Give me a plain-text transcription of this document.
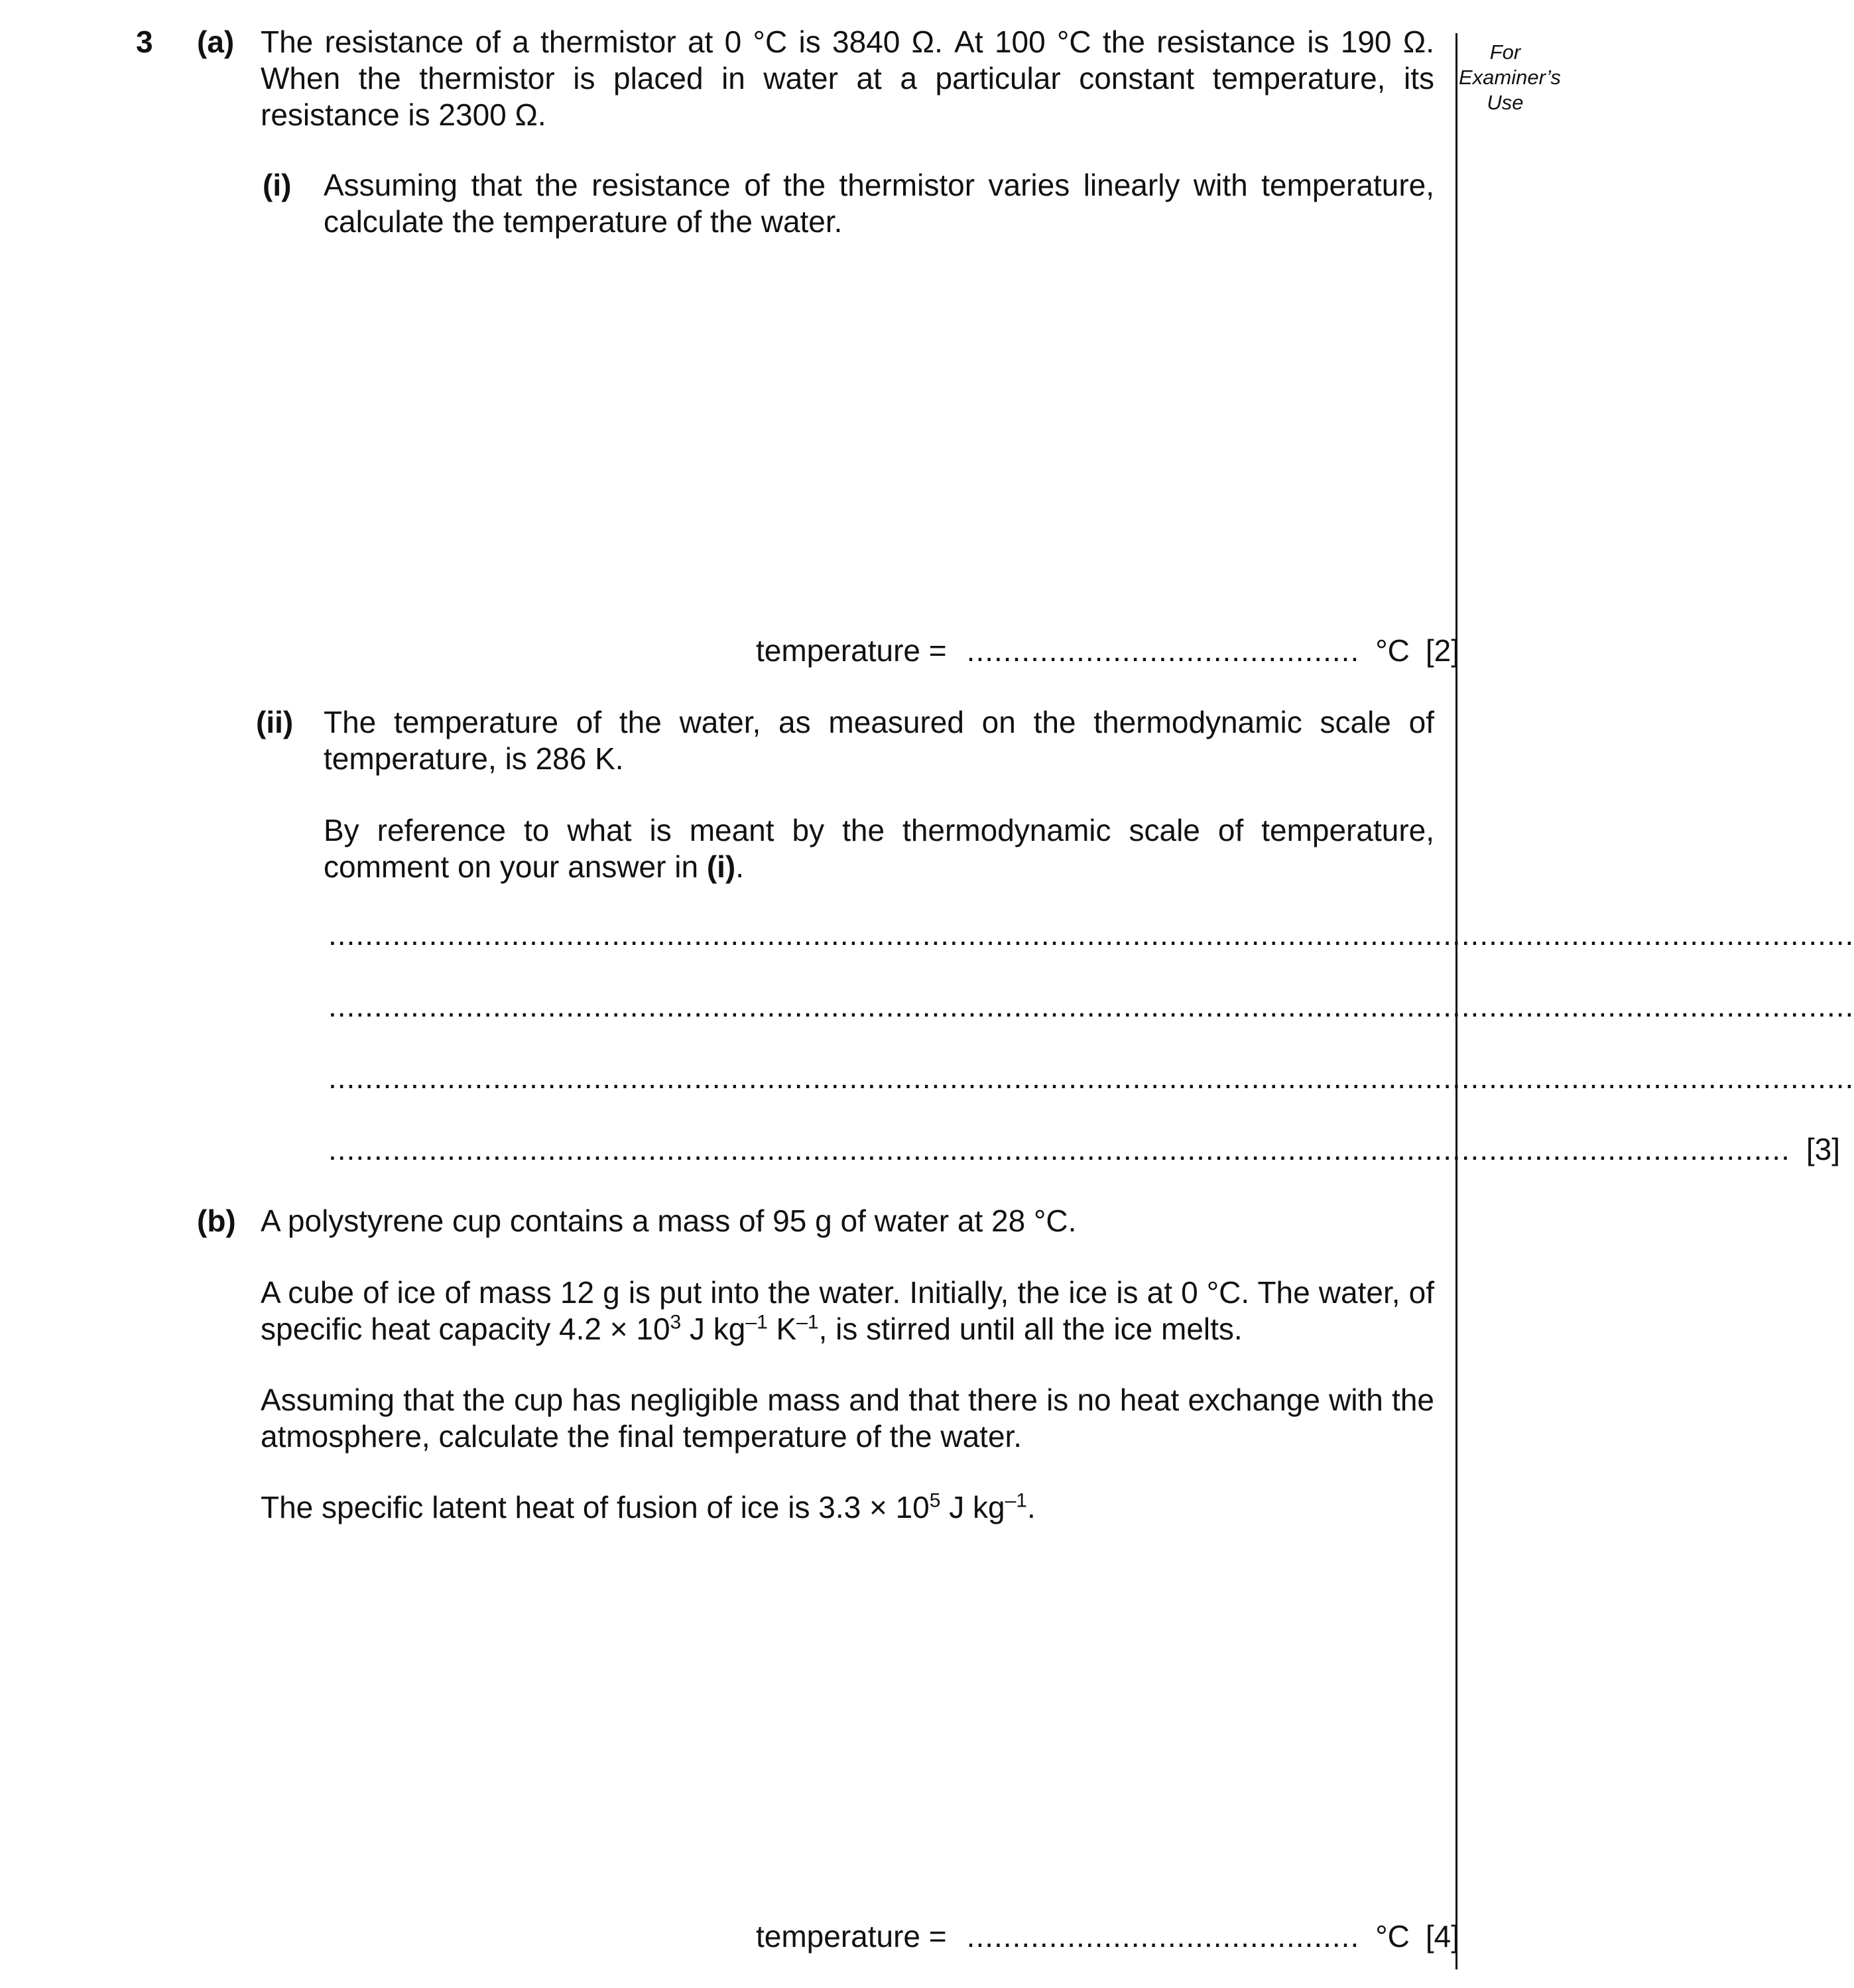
For
Examiner’s
Use
3 (a) The resistance of a thermistor at 0 °C is 3840 Ω. At 100 °C the resistance is 190 Ω. When the thermistor is placed in water at a particular constant temperature, its resistance is 2300 Ω.
(i) Assuming that the resistance of the thermistor varies linearly with temperature, calculate the temperature of the water.
temperature = ........................................... °C [2]
(ii) The temperature of the water, as measured on the thermodynamic scale of temperature, is 286 K.
By reference to what is meant by the thermodynamic scale of temperature, comment on your answer in (i).
.......................................................................................................................................................................
.......................................................................................................................................................................
.......................................................................................................................................................................
................................................................................................................................................................ [3]
(b) A polystyrene cup contains a mass of 95 g of water at 28 °C.
A cube of ice of mass 12 g is put into the water. Initially, the ice is at 0 °C. The water, of specific heat capacity $4.2 \times 10^3$ J $kg^{-1}$ $K^{-1}$, is stirred until all the ice melts.
Assuming that the cup has negligible mass and that there is no heat exchange with the atmosphere, calculate the final temperature of the water.
The specific latent heat of fusion of ice is $3.3 \times 10^5$ J $kg^{-1}$.
temperature = ........................................... °C [4]
